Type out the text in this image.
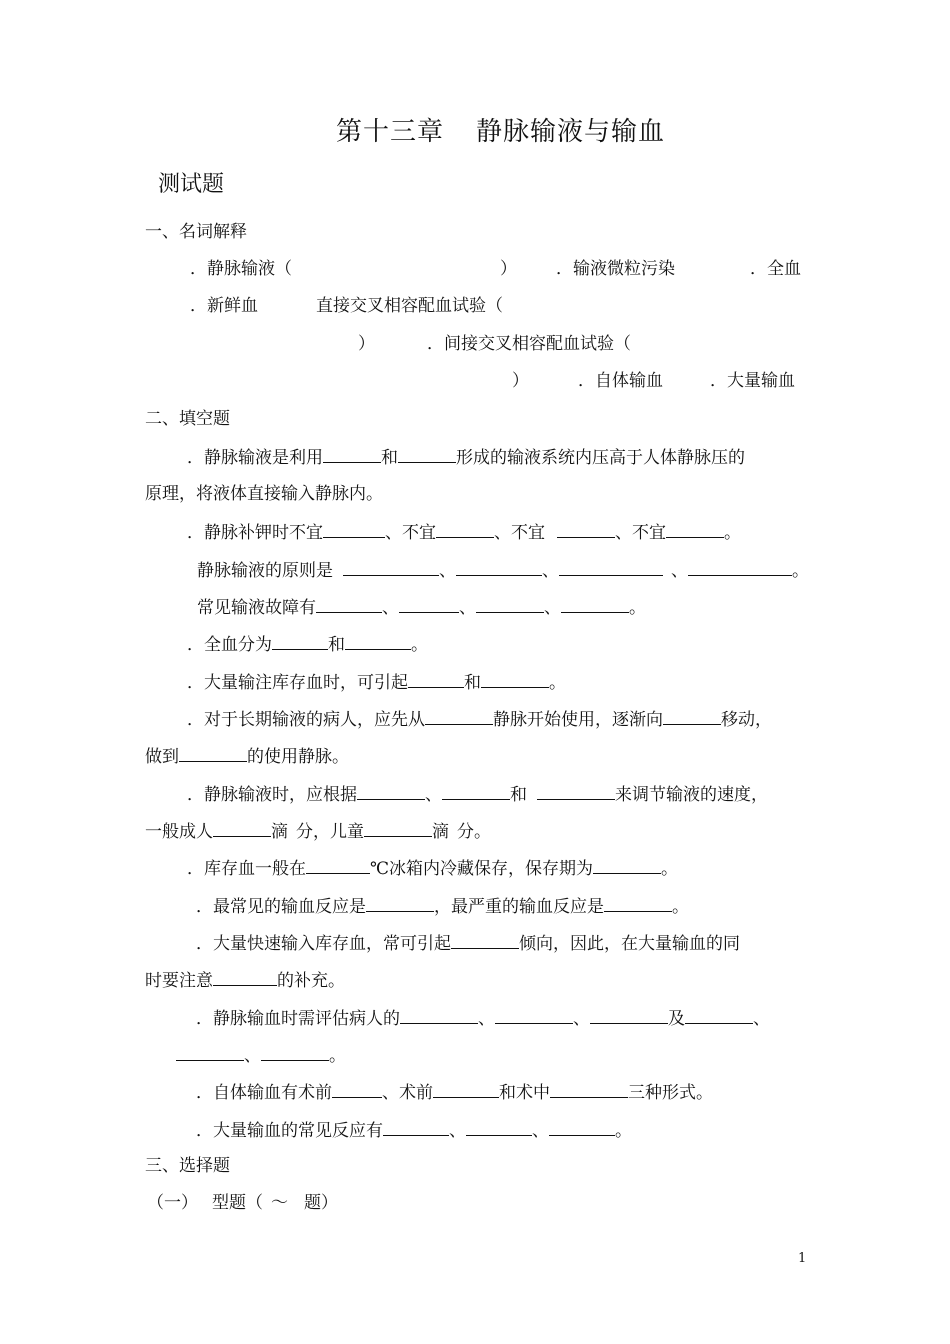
第十三章 静脉输液与输血
测试题
一、名词解释
．静脉输液（	） ．输液微粒污染	．全血
．新鲜血	直接交叉相容配血试验（
）	．间接交叉相容配血试验（
）	．自体输血	．大量输血
二、填空题
．静脉输液是利用	和	形成的输液系统内压高于人体静脉压的
原理，将液体直接输入静脉内。
．静脉补钾时不宜	、不宜	、不宜	、不宜	。
静脉输液的原则是	、	、	、	。
常见输液故障有	、	、	、	。
．全血分为	和	。
．大量输注库存血时，可引起	和	。
．对于长期输液的病人，应先从	静脉开始使用，逐渐向	移动，
做到	的使用静脉。
．静脉输液时，应根据	、	和	来调节输液的速度，
一般成人	滴 分，儿童	滴 分。
．库存血一般在	℃冰箱内冷藏保存，保存期为	。
．最常见的输血反应是	，最严重的输血反应是	。
．大量快速输入库存血，常可引起	倾向，因此，在大量输血的同
时要注意	的补充。
．静脉输血时需评估病人的	、	、	及	、
、	。
．自体输血有术前	、术前	和术中	三种形式。
．大量输血的常见反应有	、	、	。
三、选择题
（一） 型题（ ～ 题）
1
